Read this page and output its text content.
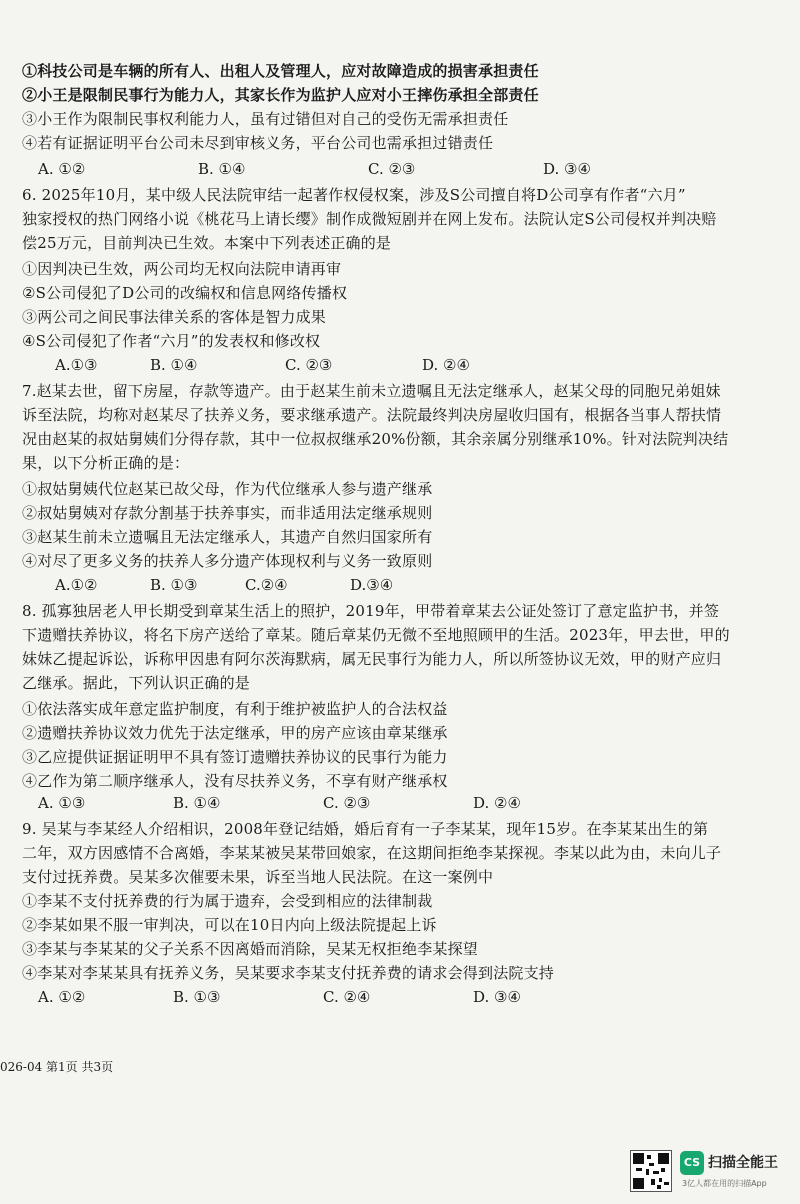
①科技公司是车辆的所有人、出租人及管理人，应对故障造成的损害承担责任
②小王是限制民事行为能力人，其家长作为监护人应对小王摔伤承担全部责任
③小王作为限制民事权利能力人，虽有过错但对自己的受伤无需承担责任
④若有证据证明平台公司未尽到审核义务，平台公司也需承担过错责任
A. ①②	B. ①④	C. ②③	D. ③④
6. 2025年10月，某中级人民法院审结一起著作权侵权案，涉及S公司擅自将D公司享有作者“六月”
独家授权的热门网络小说《桃花马上请长缨》制作成微短剧并在网上发布。法院认定S公司侵权并判决赔
偿25万元，目前判决已生效。本案中下列表述正确的是
①因判决已生效，两公司均无权向法院申请再审
②S公司侵犯了D公司的改编权和信息网络传播权
③两公司之间民事法律关系的客体是智力成果
④S公司侵犯了作者“六月”的发表权和修改权
A.①③	B. ①④	C. ②③	D. ②④
7.赵某去世，留下房屋，存款等遗产。由于赵某生前未立遗嘱且无法定继承人，赵某父母的同胞兄弟姐妹
诉至法院，均称对赵某尽了扶养义务，要求继承遗产。法院最终判决房屋收归国有，根据各当事人帮扶情
况由赵某的叔姑舅姨们分得存款，其中一位叔叔继承20%份额，其余亲属分别继承10%。针对法院判决结
果，以下分析正确的是：
①叔姑舅姨代位赵某已故父母，作为代位继承人参与遗产继承
②叔姑舅姨对存款分割基于扶养事实，而非适用法定继承规则
③赵某生前未立遗嘱且无法定继承人，其遗产自然归国家所有
④对尽了更多义务的扶养人多分遗产体现权利与义务一致原则
A.①②	B. ①③	C.②④	D.③④
8. 孤寡独居老人甲长期受到章某生活上的照护，2019年，甲带着章某去公证处签订了意定监护书，并签
下遗赠扶养协议，将名下房产送给了章某。随后章某仍无微不至地照顾甲的生活。2023年，甲去世，甲的
妹妹乙提起诉讼，诉称甲因患有阿尔茨海默病，属无民事行为能力人，所以所签协议无效，甲的财产应归
乙继承。据此，下列认识正确的是
①依法落实成年意定监护制度，有利于维护被监护人的合法权益
②遗赠扶养协议效力优先于法定继承，甲的房产应该由章某继承
③乙应提供证据证明甲不具有签订遗赠扶养协议的民事行为能力
④乙作为第二顺序继承人，没有尽扶养义务，不享有财产继承权
A. ①③	B. ①④	C. ②③	D. ②④
9. 吴某与李某经人介绍相识，2008年登记结婚，婚后育有一子李某某，现年15岁。在李某某出生的第
二年，双方因感情不合离婚，李某某被吴某带回娘家，在这期间拒绝李某探视。李某以此为由，未向儿子
支付过抚养费。吴某多次催要未果，诉至当地人民法院。在这一案例中
①李某不支付抚养费的行为属于遗弃，会受到相应的法律制裁
②李某如果不服一审判决，可以在10日内向上级法院提起上诉
③李某与李某某的父子关系不因离婚而消除，吴某无权拒绝李某探望
④李某对李某某具有抚养义务，吴某要求李某支付抚养费的请求会得到法院支持
A. ①②	B. ①③	C. ②④	D. ③④
026-04 第1页 共3页
CS 扫描全能王
3亿人都在用的扫描App
